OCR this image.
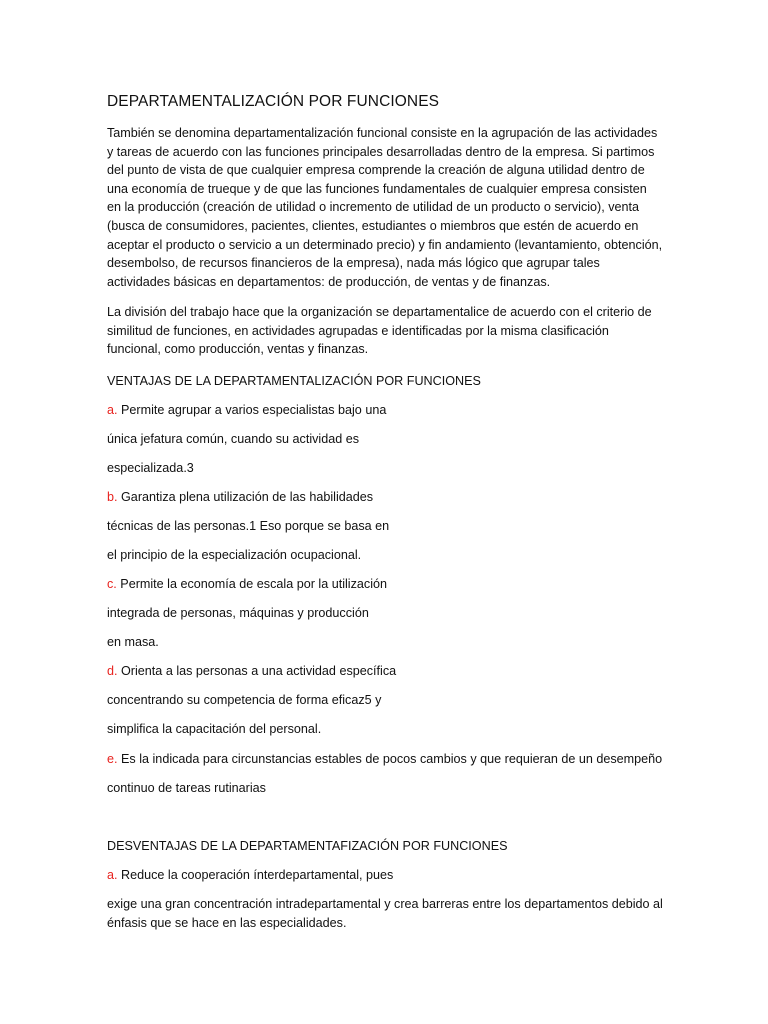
DEPARTAMENTALIZACIÓN POR FUNCIONES
También se denomina departamentalización funcional consiste en la agrupación de las actividades y tareas de acuerdo con las funciones principales desarrolladas dentro de la empresa. Si partimos del punto de vista de que cualquier empresa comprende la creación de alguna utilidad dentro de una economía de trueque y de que las funciones fundamentales de cualquier empresa consisten en la producción (creación de utilidad o incremento de utilidad de un producto o servicio), venta (busca de consumidores, pacientes, clientes, estudiantes o miembros que estén de acuerdo en aceptar el producto o servicio a un determinado precio) y fin andamiento (levantamiento, obtención, desembolso, de recursos financieros de la empresa), nada más lógico que agrupar tales actividades básicas en departamentos: de producción, de ventas y de finanzas.
La división del trabajo hace que la organización se departamentalice de acuerdo con el criterio de similitud de funciones, en actividades agrupadas e identificadas por la misma clasificación funcional, como producción, ventas y finanzas.
VENTAJAS DE LA DEPARTAMENTALIZACIÓN POR FUNCIONES
a. Permite agrupar a varios especialistas bajo una
única jefatura común, cuando su actividad es
especializada.3
b. Garantiza plena utilización de las habilidades
técnicas de las personas.1 Eso porque se basa en
el principio de la especialización ocupacional.
c. Permite la economía de escala por la utilización
integrada de personas, máquinas y producción
en masa.
d. Orienta a las personas a una actividad específica
concentrando su competencia de forma eficaz5 y
simplifica la capacitación del personal.
e. Es la indicada para circunstancias estables de pocos cambios y que requieran de un desempeño
continuo de tareas rutinarias
DESVENTAJAS DE LA DEPARTAMENTAFIZACIÓN POR FUNCIONES
a. Reduce la cooperación ínterdepartamental, pues
exige una gran concentración intradepartamental y crea barreras entre los departamentos debido al énfasis que se hace en las especialidades.
